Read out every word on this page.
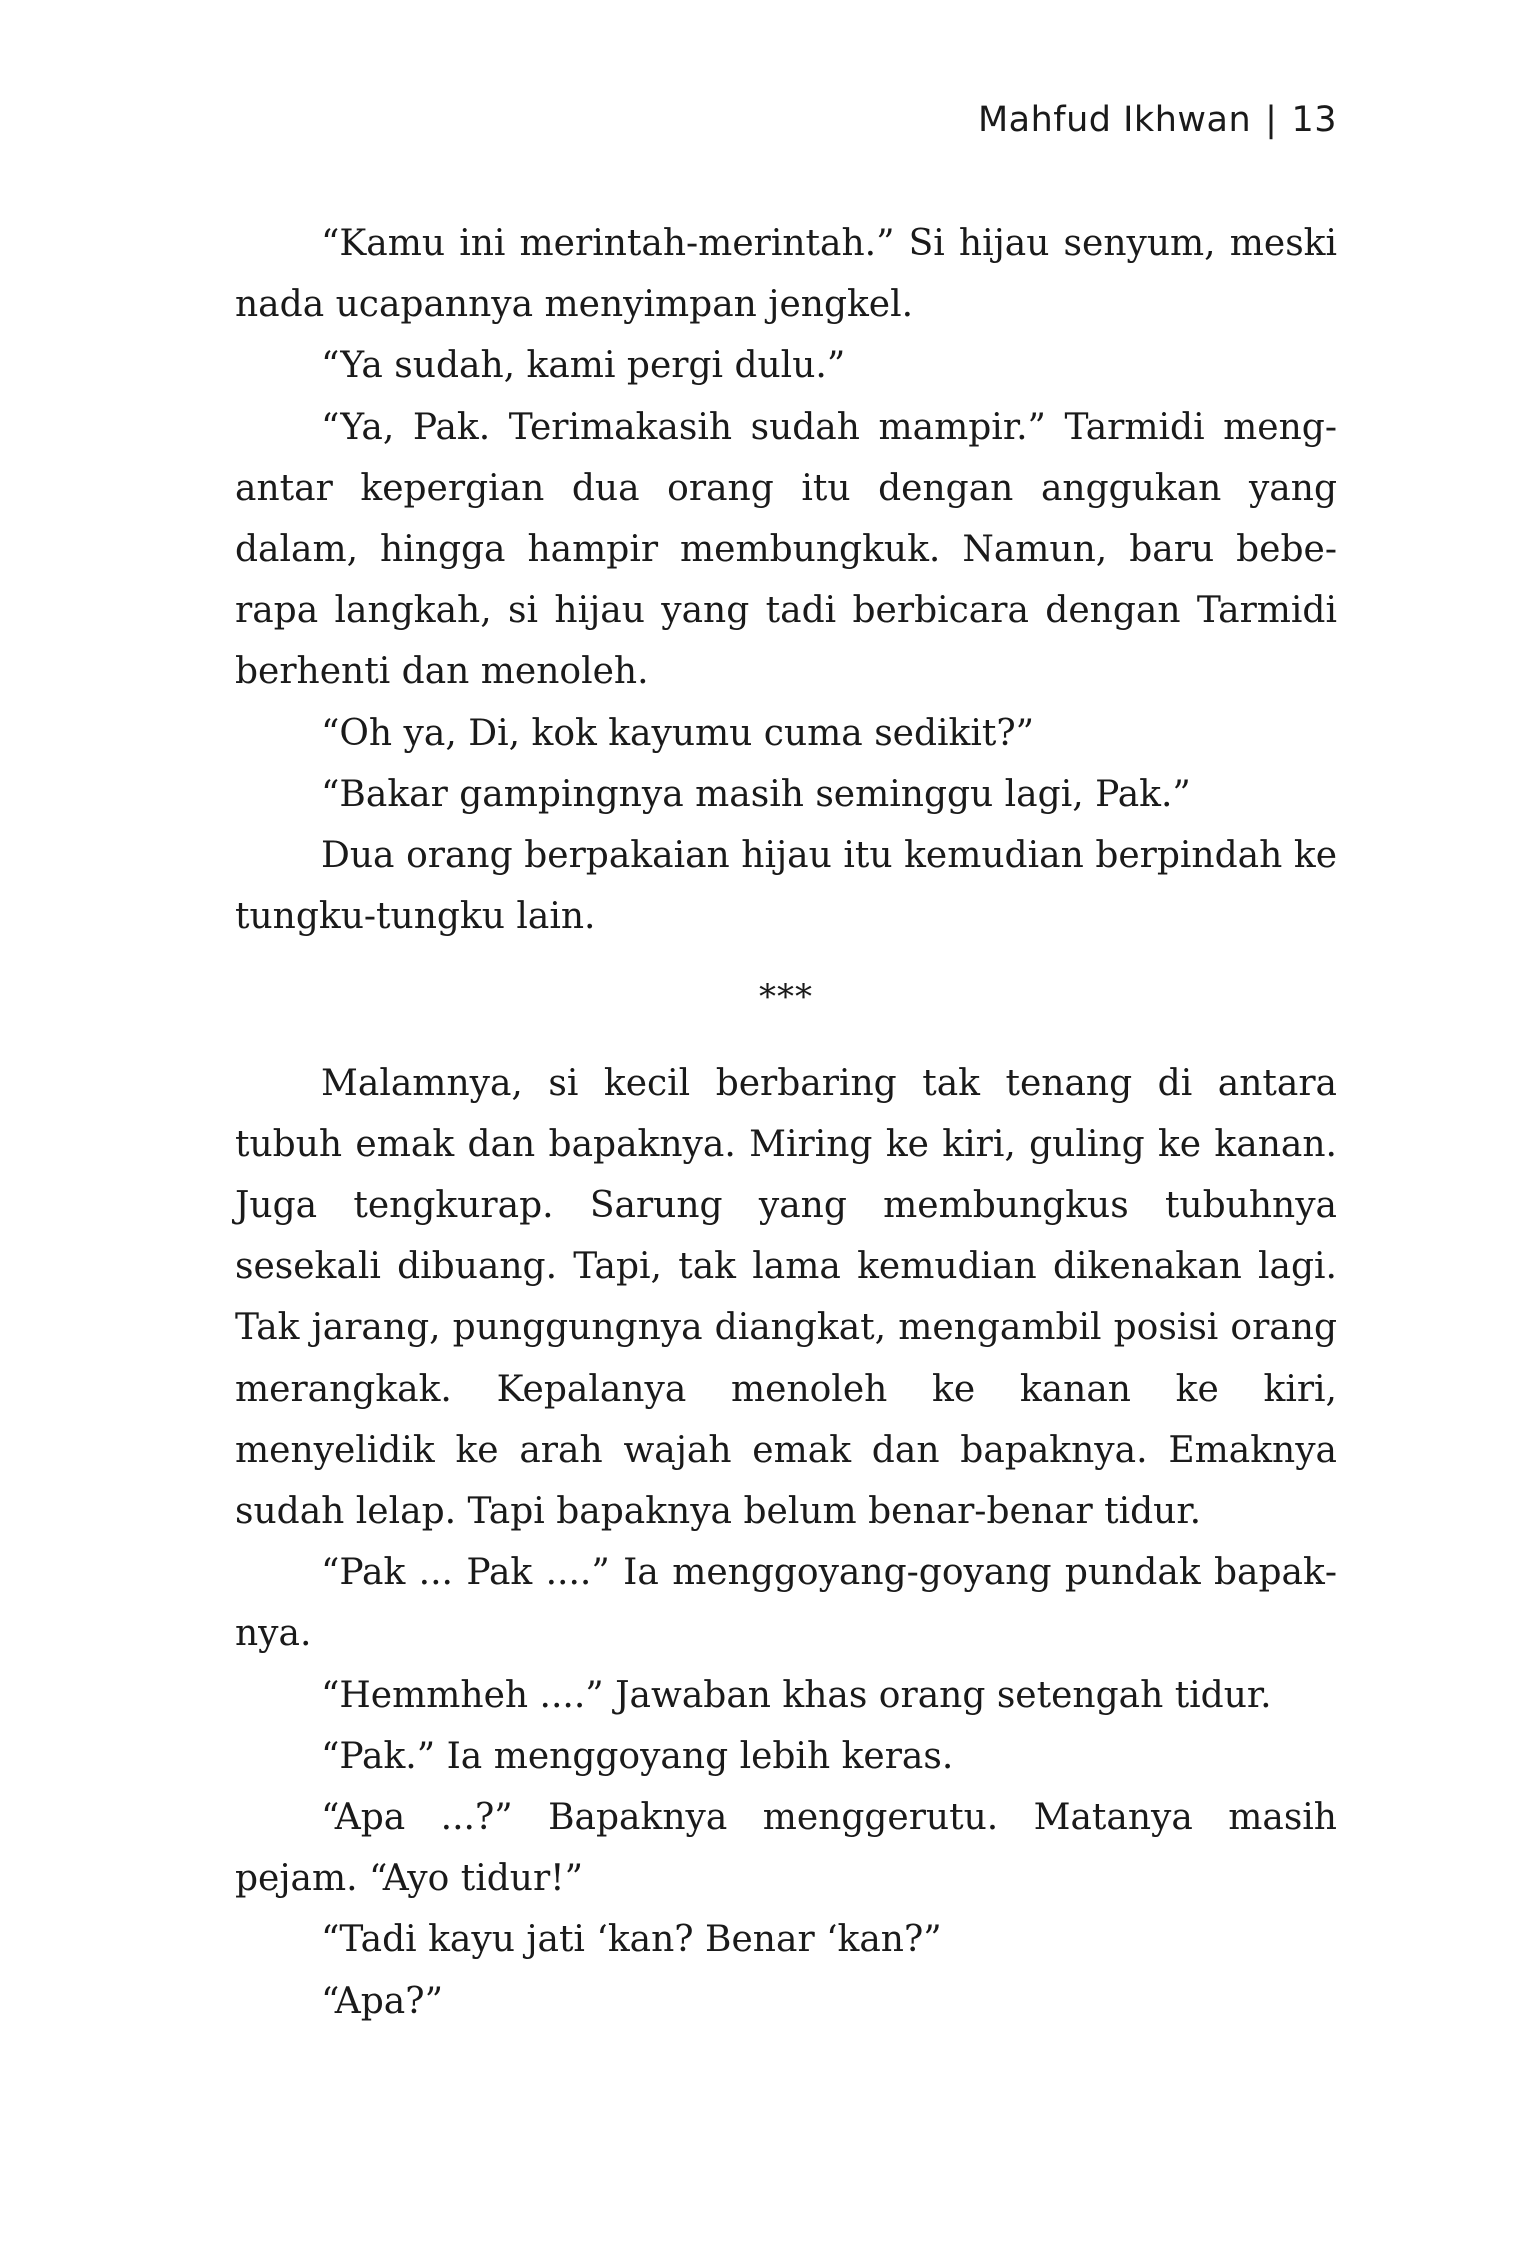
Mahfud Ikhwan | 13

“Kamu ini merintah-merintah.” Si hijau senyum, meski nada ucapannya menyimpan jengkel.

“Ya sudah, kami pergi dulu.”

“Ya, Pak. Terimakasih sudah mampir.” Tarmidi mengantar kepergian dua orang itu dengan anggukan yang dalam, hingga hampir membungkuk. Namun, baru beberapa langkah, si hijau yang tadi berbicara dengan Tarmidi berhenti dan menoleh.

“Oh ya, Di, kok kayumu cuma sedikit?”

“Bakar gampingnya masih seminggu lagi, Pak.”

Dua orang berpakaian hijau itu kemudian berpindah ke tungku-tungku lain.

***

Malamnya, si kecil berbaring tak tenang di antara tubuh emak dan bapaknya. Miring ke kiri, guling ke kanan. Juga tengkurap. Sarung yang membungkus tubuhnya sesekali dibuang. Tapi, tak lama kemudian dikenakan lagi. Tak jarang, punggungnya diangkat, mengambil posisi orang merangkak. Kepalanya menoleh ke kanan ke kiri, menyelidik ke arah wajah emak dan bapaknya. Emaknya sudah lelap. Tapi bapaknya belum benar-benar tidur.

“Pak ... Pak ....” Ia menggoyang-goyang pundak bapaknya.

“Hemmheh ....” Jawaban khas orang setengah tidur.

“Pak.” Ia menggoyang lebih keras.

“Apa ...?” Bapaknya menggerutu. Matanya masih pejam. “Ayo tidur!”

“Tadi kayu jati ‘kan? Benar ‘kan?”

“Apa?”
